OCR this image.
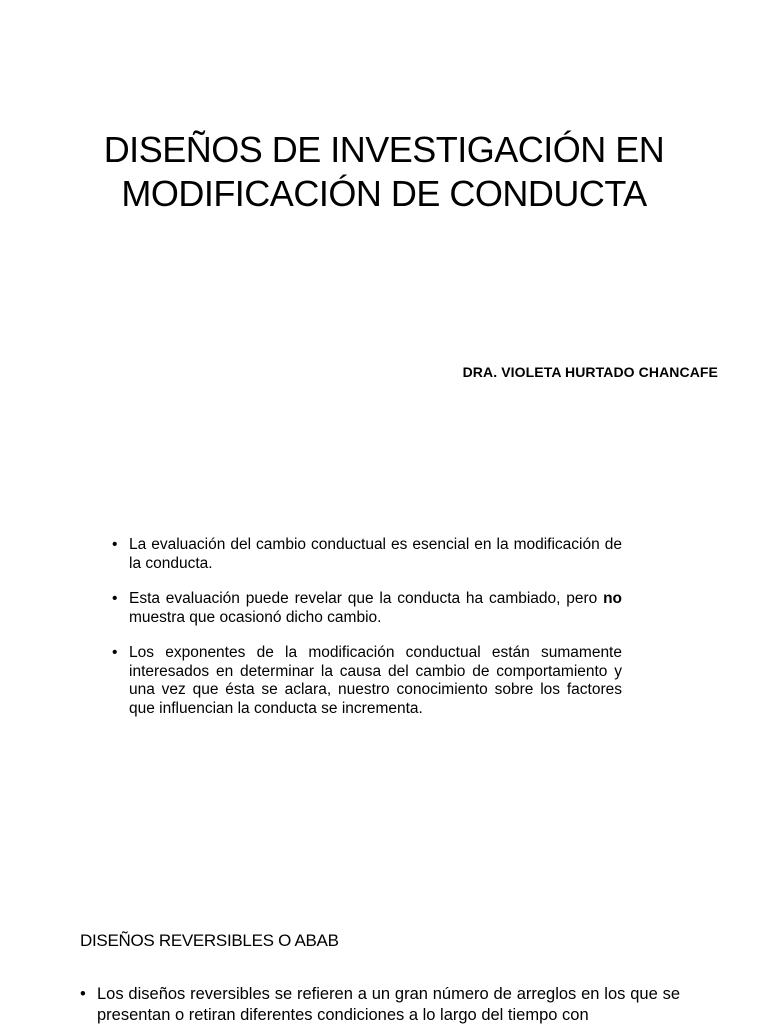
DISEÑOS DE INVESTIGACIÓN EN
MODIFICACIÓN DE CONDUCTA
DRA. VIOLETA HURTADO CHANCAFE
• La evaluación del cambio conductual es esencial en la modificación de la conducta.
• Esta evaluación puede revelar que la conducta ha cambiado, pero no muestra que ocasionó dicho cambio.
• Los exponentes de la modificación conductual están sumamente interesados en determinar la causa del cambio de comportamiento y una vez que ésta se aclara, nuestro conocimiento sobre los factores que influencian la conducta se incrementa.
DISEÑOS REVERSIBLES O ABAB
• Los diseños reversibles se refieren a un gran número de arreglos en los que se presentan o retiran diferentes condiciones a lo largo del tiempo con
